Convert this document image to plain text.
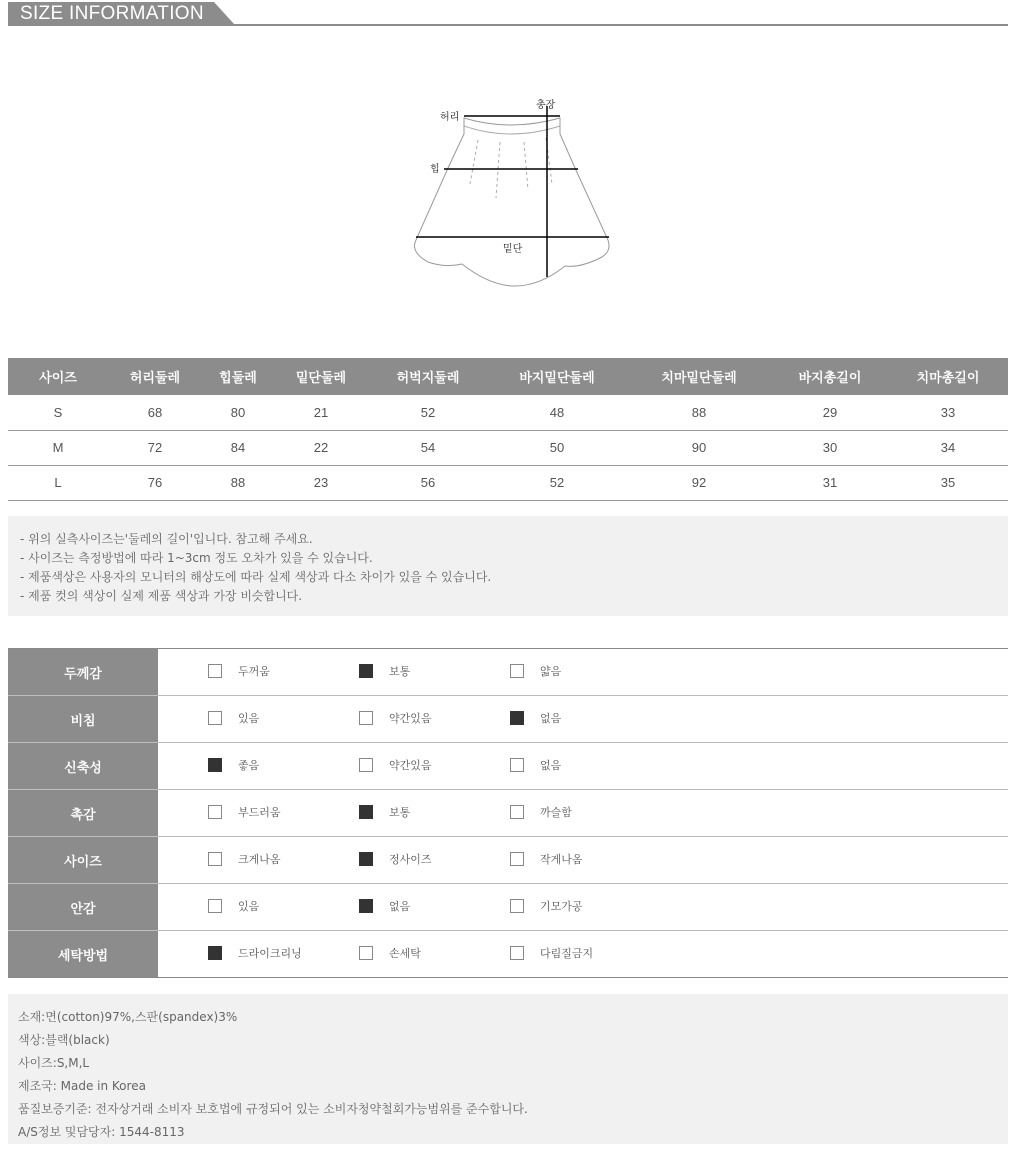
SIZE INFORMATION
총장
허리
힙
밑단
사이즈	허리둘레	힙둘레	밑단둘레	허벅지둘레	바지밑단둘레	치마밑단둘레	바지총길이	치마총길이
S	68	80	21	52	48	88	29	33
M	72	84	22	54	50	90	30	34
L	76	88	23	56	52	92	31	35
- 위의 실측사이즈는'둘레의 길이'입니다. 참고해 주세요.
- 사이즈는 측정방법에 따라 1~3cm 정도 오차가 있을 수 있습니다.
- 제품색상은 사용자의 모니터의 해상도에 따라 실제 색상과 다소 차이가 있을 수 있습니다.
- 제품 컷의 색상이 실제 제품 색상과 가장 비슷합니다.
두께감	두꺼움 보통 얇음

비침	있음 약간있음 없음

신축성	좋음 약간있음 없음

촉감	부드러움 보통 까슬함

사이즈	크게나옴 정사이즈 작게나옴

안감	있음 없음 기모가공

세탁방법	드라이크리닝 손세탁 다림질금지
소재:면(cotton)97%,스판(spandex)3%
색상:블랙(black)
사이즈:S,M,L
제조국: Made in Korea
품질보증기준: 전자상거래 소비자 보호법에 규정되어 있는 소비자청약철회가능범위를 준수합니다.
A/S정보 및담당자: 1544-8113
